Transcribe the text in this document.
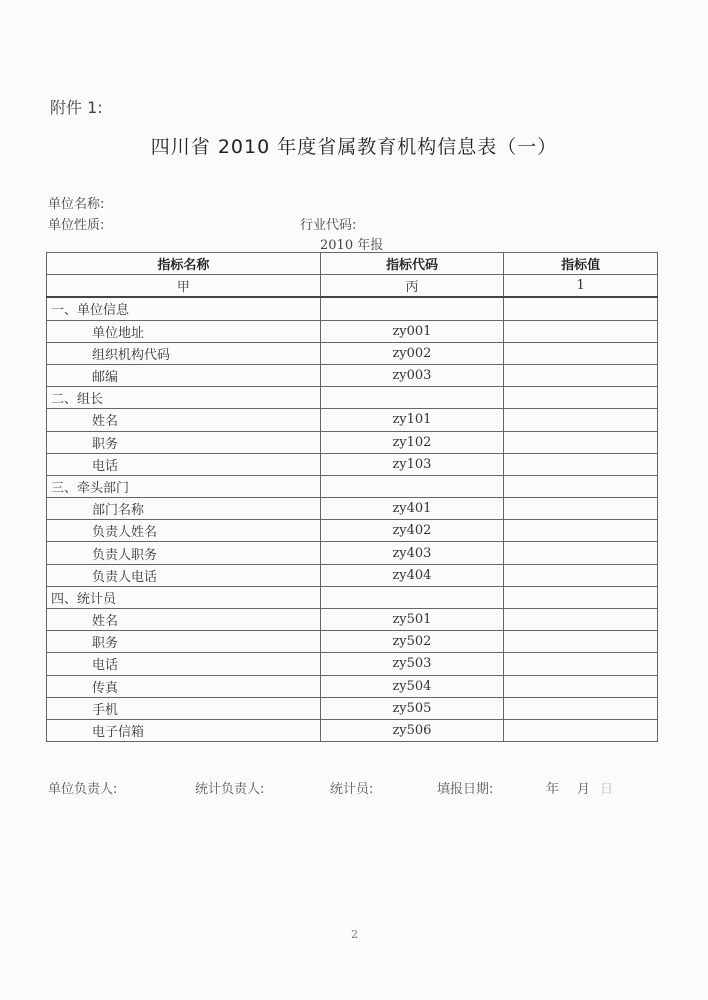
附件 1:
四川省 2010 年度省属教育机构信息表（一）
单位名称:
单位性质:	行业代码:
2010 年报
指标名称	指标代码	指标值
甲	丙	1
一、单位信息		
单位地址	zy001	
组织机构代码	zy002	
邮编	zy003	
二、组长		
姓名	zy101	
职务	zy102	
电话	zy103	
三、牵头部门		
部门名称	zy401	
负责人姓名	zy402	
负责人职务	zy403	
负责人电话	zy404	
四、统计员		
姓名	zy501	
职务	zy502	
电话	zy503	
传真	zy504	
手机	zy505	
电子信箱	zy506	
单位负责人:	统计负责人:	统计员:	填报日期:	年 月 日
2
